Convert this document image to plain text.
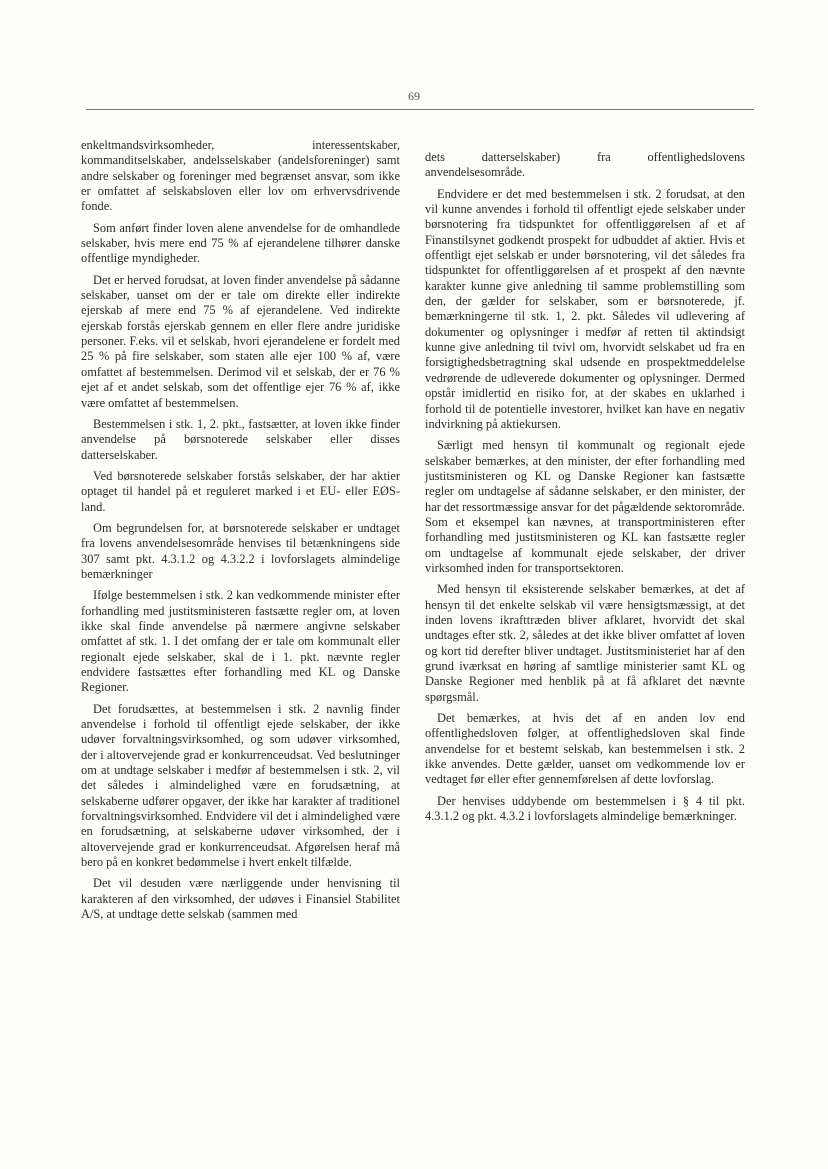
69

enkeltmandsvirksomheder, interessentskaber, kommanditselskaber, andelsselskaber (andelsforeninger) samt andre selskaber og foreninger med begrænset ansvar, som ikke er omfattet af selskabsloven eller lov om erhvervsdrivende fonde.

Som anført finder loven alene anvendelse for de omhandlede selskaber, hvis mere end 75 % af ejerandelene tilhører danske offentlige myndigheder.

Det er herved forudsat, at loven finder anvendelse på sådanne selskaber, uanset om der er tale om direkte eller indirekte ejerskab af mere end 75 % af ejerandelene. Ved indirekte ejerskab forstås ejerskab gennem en eller flere andre juridiske personer. F.eks. vil et selskab, hvori ejerandelene er fordelt med 25 % på fire selskaber, som staten alle ejer 100 % af, være omfattet af bestemmelsen. Derimod vil et selskab, der er 76 % ejet af et andet selskab, som det offentlige ejer 76 % af, ikke være omfattet af bestemmelsen.

Bestemmelsen i stk. 1, 2. pkt., fastsætter, at loven ikke finder anvendelse på børsnoterede selskaber eller disses datterselskaber.

Ved børsnoterede selskaber forstås selskaber, der har aktier optaget til handel på et reguleret marked i et EU- eller EØS-land.

Om begrundelsen for, at børsnoterede selskaber er undtaget fra lovens anvendelsesområde henvises til betænkningens side 307 samt pkt. 4.3.1.2 og 4.3.2.2 i lovforslagets almindelige bemærkninger

Ifølge bestemmelsen i stk. 2 kan vedkommende minister efter forhandling med justitsministeren fastsætte regler om, at loven ikke skal finde anvendelse på nærmere angivne selskaber omfattet af stk. 1. I det omfang der er tale om kommunalt eller regionalt ejede selskaber, skal de i 1. pkt. nævnte regler endvidere fastsættes efter forhandling med KL og Danske Regioner.

Det forudsættes, at bestemmelsen i stk. 2 navnlig finder anvendelse i forhold til offentligt ejede selskaber, der ikke udøver forvaltningsvirksomhed, og som udøver virksomhed, der i altovervejende grad er konkurrenceudsat. Ved beslutninger om at undtage selskaber i medfør af bestemmelsen i stk. 2, vil det således i almindelighed være en forudsætning, at selskaberne udfører opgaver, der ikke har karakter af traditionel forvaltningsvirksomhed. Endvidere vil det i almindelighed være en forudsætning, at selskaberne udøver virksomhed, der i altovervejende grad er konkurrenceudsat. Afgørelsen heraf må bero på en konkret bedømmelse i hvert enkelt tilfælde.

Det vil desuden være nærliggende under henvisning til karakteren af den virksomhed, der udøves i Finansiel Stabilitet A/S, at undtage dette selskab (sammen med

dets datterselskaber) fra offentlighedslovens anvendelsesområde.

Endvidere er det med bestemmelsen i stk. 2 forudsat, at den vil kunne anvendes i forhold til offentligt ejede selskaber under børsnotering fra tidspunktet for offentliggørelsen af et af Finanstilsynet godkendt prospekt for udbuddet af aktier. Hvis et offentligt ejet selskab er under børsnotering, vil det således fra tidspunktet for offentliggørelsen af et prospekt af den nævnte karakter kunne give anledning til samme problemstilling som den, der gælder for selskaber, som er børsnoterede, jf. bemærkningerne til stk. 1, 2. pkt. Således vil udlevering af dokumenter og oplysninger i medfør af retten til aktindsigt kunne give anledning til tvivl om, hvorvidt selskabet ud fra en forsigtighedsbetragtning skal udsende en prospektmeddelelse vedrørende de udleverede dokumenter og oplysninger. Dermed opstår imidlertid en risiko for, at der skabes en uklarhed i forhold til de potentielle investorer, hvilket kan have en negativ indvirkning på aktiekursen.

Særligt med hensyn til kommunalt og regionalt ejede selskaber bemærkes, at den minister, der efter forhandling med justitsministeren og KL og Danske Regioner kan fastsætte regler om undtagelse af sådanne selskaber, er den minister, der har det ressortmæssige ansvar for det pågældende sektorområde. Som et eksempel kan nævnes, at transportministeren efter forhandling med justitsministeren og KL kan fastsætte regler om undtagelse af kommunalt ejede selskaber, der driver virksomhed inden for transportsektoren.

Med hensyn til eksisterende selskaber bemærkes, at det af hensyn til det enkelte selskab vil være hensigtsmæssigt, at det inden lovens ikrafttræden bliver afklaret, hvorvidt det skal undtages efter stk. 2, således at det ikke bliver omfattet af loven og kort tid derefter bliver undtaget. Justitsministeriet har af den grund iværksat en høring af samtlige ministerier samt KL og Danske Regioner med henblik på at få afklaret det nævnte spørgsmål.

Det bemærkes, at hvis det af en anden lov end offentlighedsloven følger, at offentlighedsloven skal finde anvendelse for et bestemt selskab, kan bestemmelsen i stk. 2 ikke anvendes. Dette gælder, uanset om vedkommende lov er vedtaget før eller efter gennemførelsen af dette lovforslag.

Der henvises uddybende om bestemmelsen i § 4 til pkt. 4.3.1.2 og pkt. 4.3.2 i lovforslagets almindelige bemærkninger.
